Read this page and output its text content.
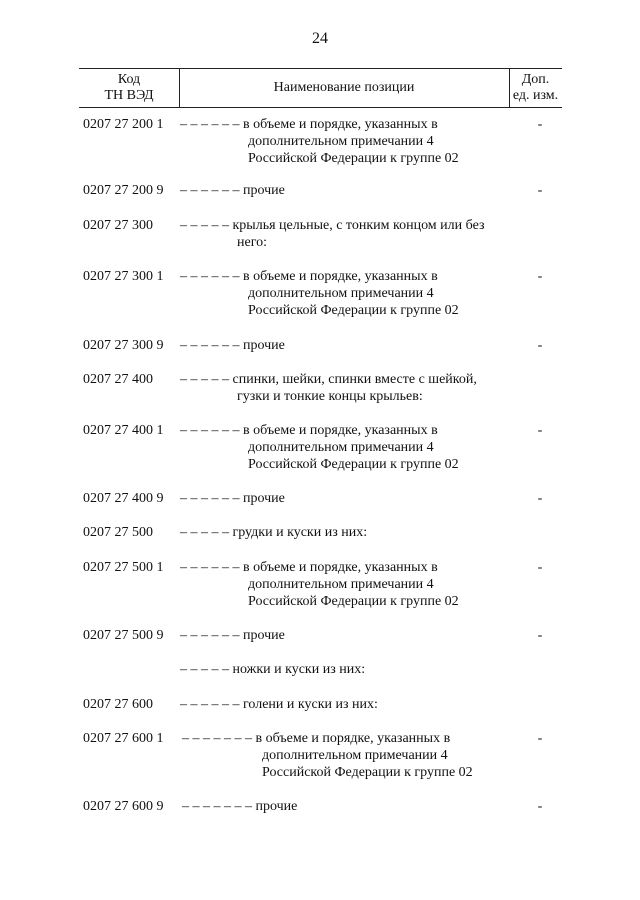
24
Код
ТН ВЭД
Наименование позиции
Доп.
ед. изм.
0207 27 200 1 – – – – – – в объеме и порядке, указанных в
дополнительном примечании 4
Российской Федерации к группе 02
-
0207 27 200 9 – – – – – – прочие	-
0207 27 300 – – – – – крылья цельные, с тонким концом или без
него:
0207 27 300 1 – – – – – – в объеме и порядке, указанных в
дополнительном примечании 4
Российской Федерации к группе 02
-
0207 27 300 9 – – – – – – прочие	-
0207 27 400 – – – – – спинки, шейки, спинки вместе с шейкой,
гузки и тонкие концы крыльев:
0207 27 400 1 – – – – – – в объеме и порядке, указанных в
дополнительном примечании 4
Российской Федерации к группе 02
-
0207 27 400 9 – – – – – – прочие	-
0207 27 500 – – – – – грудки и куски из них:
0207 27 500 1 – – – – – – в объеме и порядке, указанных в
дополнительном примечании 4
Российской Федерации к группе 02
-
0207 27 500 9 – – – – – – прочие	-
– – – – – ножки и куски из них:
0207 27 600 – – – – – – голени и куски из них:
0207 27 600 1 – – – – – – – в объеме и порядке, указанных в
дополнительном примечании 4
Российской Федерации к группе 02
-
0207 27 600 9 – – – – – – – прочие	-
